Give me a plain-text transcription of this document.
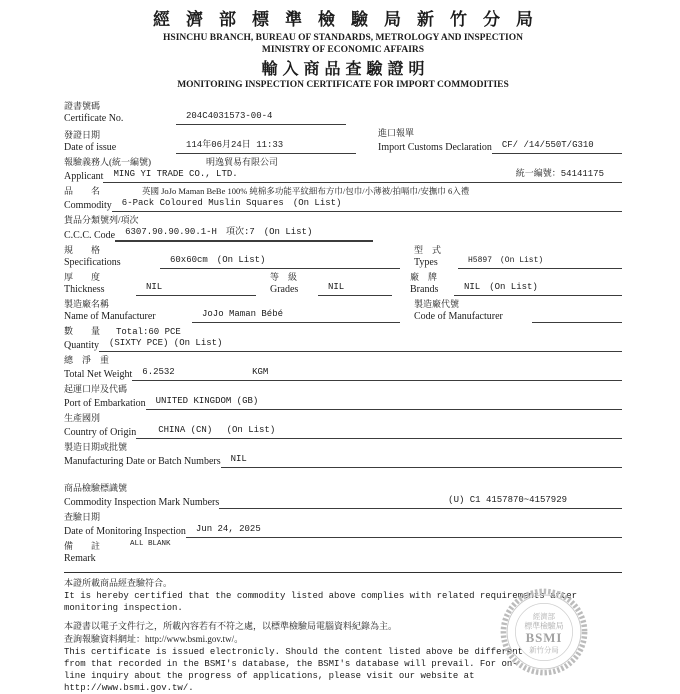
經濟部標準檢驗局新竹分局
HSINCHU BRANCH, BUREAU OF STANDARDS, METROLOGY AND INSPECTION
MINISTRY OF ECONOMIC AFFAIRS
輸入商品查驗證明
MONITORING INSPECTION CERTIFICATE FOR IMPORT COMMODITIES
證書號碼
Certificate No.	204C4031573-00-4
發證日期
Date of issue	114年06月24日 11:33
進口報單
Import Customs Declaration	CF/ /14/550T/G310
報驗義務人(統一編號)	明逸貿易有限公司
Applicant MING YI TRADE CO., LTD.	統一編號：54141175
品　　名	英國 JoJo Maman BeBe 100% 純棉多功能平紋細布方巾/包巾/小薄被/拍嗝巾/安撫巾 6入禮
Commodity	6-Pack Coloured Muslin Squares　(On List)
貨品分類號列/項次
C.C.C. Code	6307.90.90.90.1-H　項次:7　(On List)
規　　格
Specifications	60x60cm　(On List)
型　式
Types	H5897　(On List)
厚　　度
Thickness	NIL
等　級
Grades	NIL
廠　牌
Brands	NIL　(On List)
製造廠名稱
Name of Manufacturer	JoJo Maman Bébé
製造廠代號
Code of Manufacturer
數　　量	Total:60 PCE
Quantity	(SIXTY PCE) (On List)
總　淨　重
Total Net Weight	6.2532	KGM
起運口岸及代碼
Port of Embarkation	UNITED KINGDOM (GB)
生產國別
Country of Origin	CHINA (CN)　 (On List)
製造日期或批號
Manufacturing Date or Batch Numbers	NIL
商品檢驗標識號
Commodity Inspection Mark Numbers	(U) C1 4157870~4157929
查驗日期
Date of Monitoring Inspection	Jun 24, 2025
備　　註	ALL BLANK
Remark
本證所載商品經查驗符合。
It is hereby certified that the commodity listed above complies with related requirements after monitoring inspection.
本證書以電子文件行之，所載內容若有不符之處，以標準檢驗局電腦資料紀錄為主。
查詢報驗資料網址：http://www.bsmi.gov.tw/。
This certificate is issued electronicly. Should the content listed above be different from that recorded in the BSMI's database, the BSMI's database will prevail. For on-line inquiry about the progress of applications, please visit our website at http://www.bsmi.gov.tw/.
經濟部
標準檢驗局
BSMI
新竹分局
